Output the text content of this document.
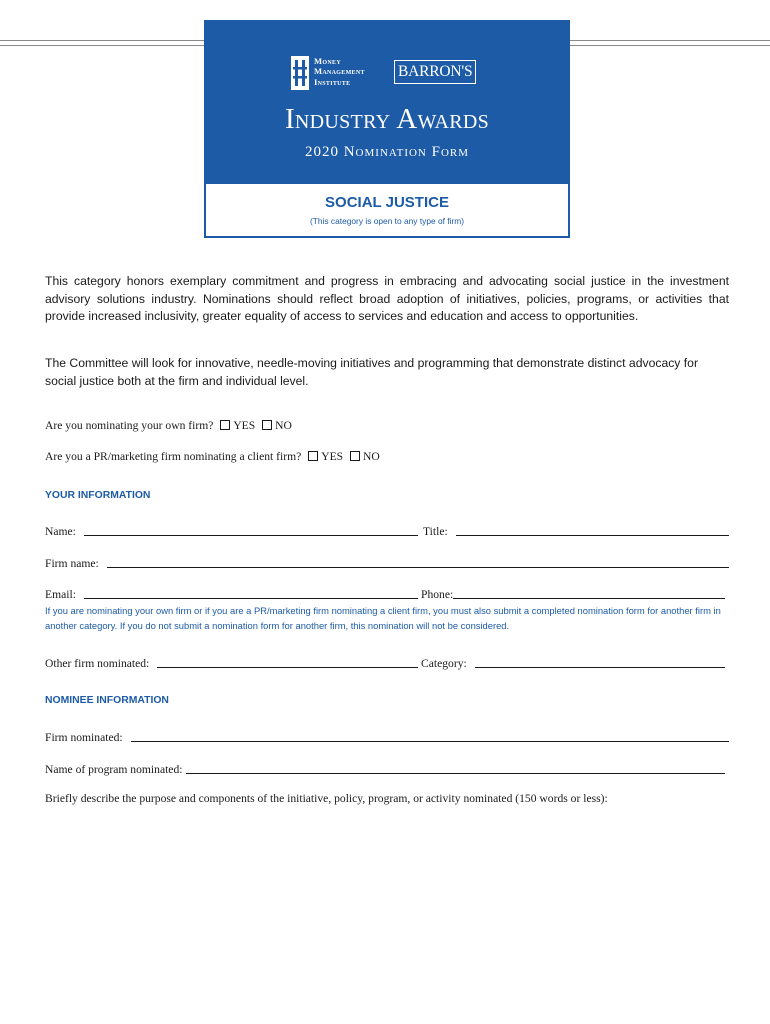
Money
Management
Institute
BARRON'S
Industry Awards
2020 Nomination Form
SOCIAL JUSTICE
(This category is open to any type of firm)

This category honors exemplary commitment and progress in embracing and advocating social justice in the investment advisory solutions industry. Nominations should reflect broad adoption of initiatives, policies, programs, or activities that provide increased inclusivity, greater equality of access to services and education and access to opportunities.

The Committee will look for innovative, needle-moving initiatives and programming that demonstrate distinct advocacy for social justice both at the firm and individual level.

Are you nominating your own firm? YES NO
Are you a PR/marketing firm nominating a client firm? YES NO
YOUR INFORMATION
Name:	Title:
Firm name:
Email:	Phone:

If you are nominating your own firm or if you are a PR/marketing firm nominating a client firm, you must also submit a completed nomination form for another firm in another category. If you do not submit a nomination form for another firm, this nomination will not be considered.

Other firm nominated:	Category:
NOMINEE INFORMATION
Firm nominated:
Name of program nominated:
Briefly describe the purpose and components of the initiative, policy, program, or activity nominated (150 words or less):
